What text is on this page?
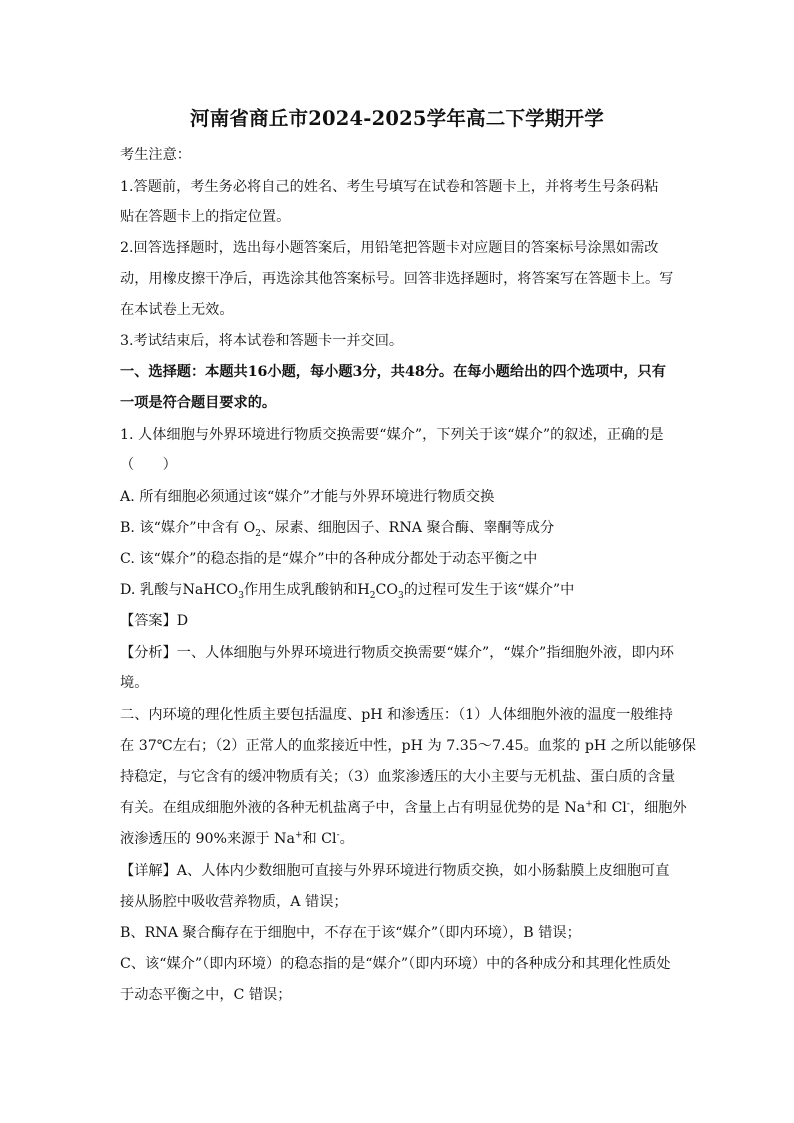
河南省商丘市2024-2025学年高二下学期开学
考生注意：
1.答题前，考生务必将自己的姓名、考生号填写在试卷和答题卡上，并将考生号条码粘
贴在答题卡上的指定位置。
2.回答选择题时，选出每小题答案后，用铅笔把答题卡对应题目的答案标号涂黑如需改
动，用橡皮擦干净后，再选涂其他答案标号。回答非选择题时，将答案写在答题卡上。写
在本试卷上无效。
3.考试结束后，将本试卷和答题卡一并交回。
一、选择题：本题共16小题，每小题3分，共48分。在每小题给出的四个选项中，只有
一项是符合题目要求的。
1. 人体细胞与外界环境进行物质交换需要“媒介”，下列关于该“媒介”的叙述，正确的是
（　　）
A. 所有细胞必须通过该“媒介”才能与外界环境进行物质交换
B. 该“媒介”中含有 $O_2$、尿素、细胞因子、RNA 聚合酶、睾酮等成分
C. 该“媒介”的稳态指的是“媒介”中的各种成分都处于动态平衡之中
D. 乳酸与NaHCO$_3$作用生成乳酸钠和$H_2CO_3$的过程可发生于该“媒介”中
【答案】D
【分析】一、人体细胞与外界环境进行物质交换需要“媒介”，“媒介”指细胞外液，即内环
境。
二、内环境的理化性质主要包括温度、pH 和渗透压：（1）人体细胞外液的温度一般维持
在 37℃左右；（2）正常人的血浆接近中性，pH 为 7.35～7.45。血浆的 pH 之所以能够保
持稳定，与它含有的缓冲物质有关；（3）血浆渗透压的大小主要与无机盐、蛋白质的含量
有关。在组成细胞外液的各种无机盐离子中，含量上占有明显优势的是 Na+和 Cl-，细胞外
液渗透压的 90%来源于 Na+和 Cl-。
【详解】A、人体内少数细胞可直接与外界环境进行物质交换，如小肠黏膜上皮细胞可直
接从肠腔中吸收营养物质，A 错误；
B、RNA 聚合酶存在于细胞中，不存在于该“媒介”（即内环境），B 错误；
C、该“媒介”（即内环境）的稳态指的是“媒介”（即内环境）中的各种成分和其理化性质处
于动态平衡之中，C 错误；
